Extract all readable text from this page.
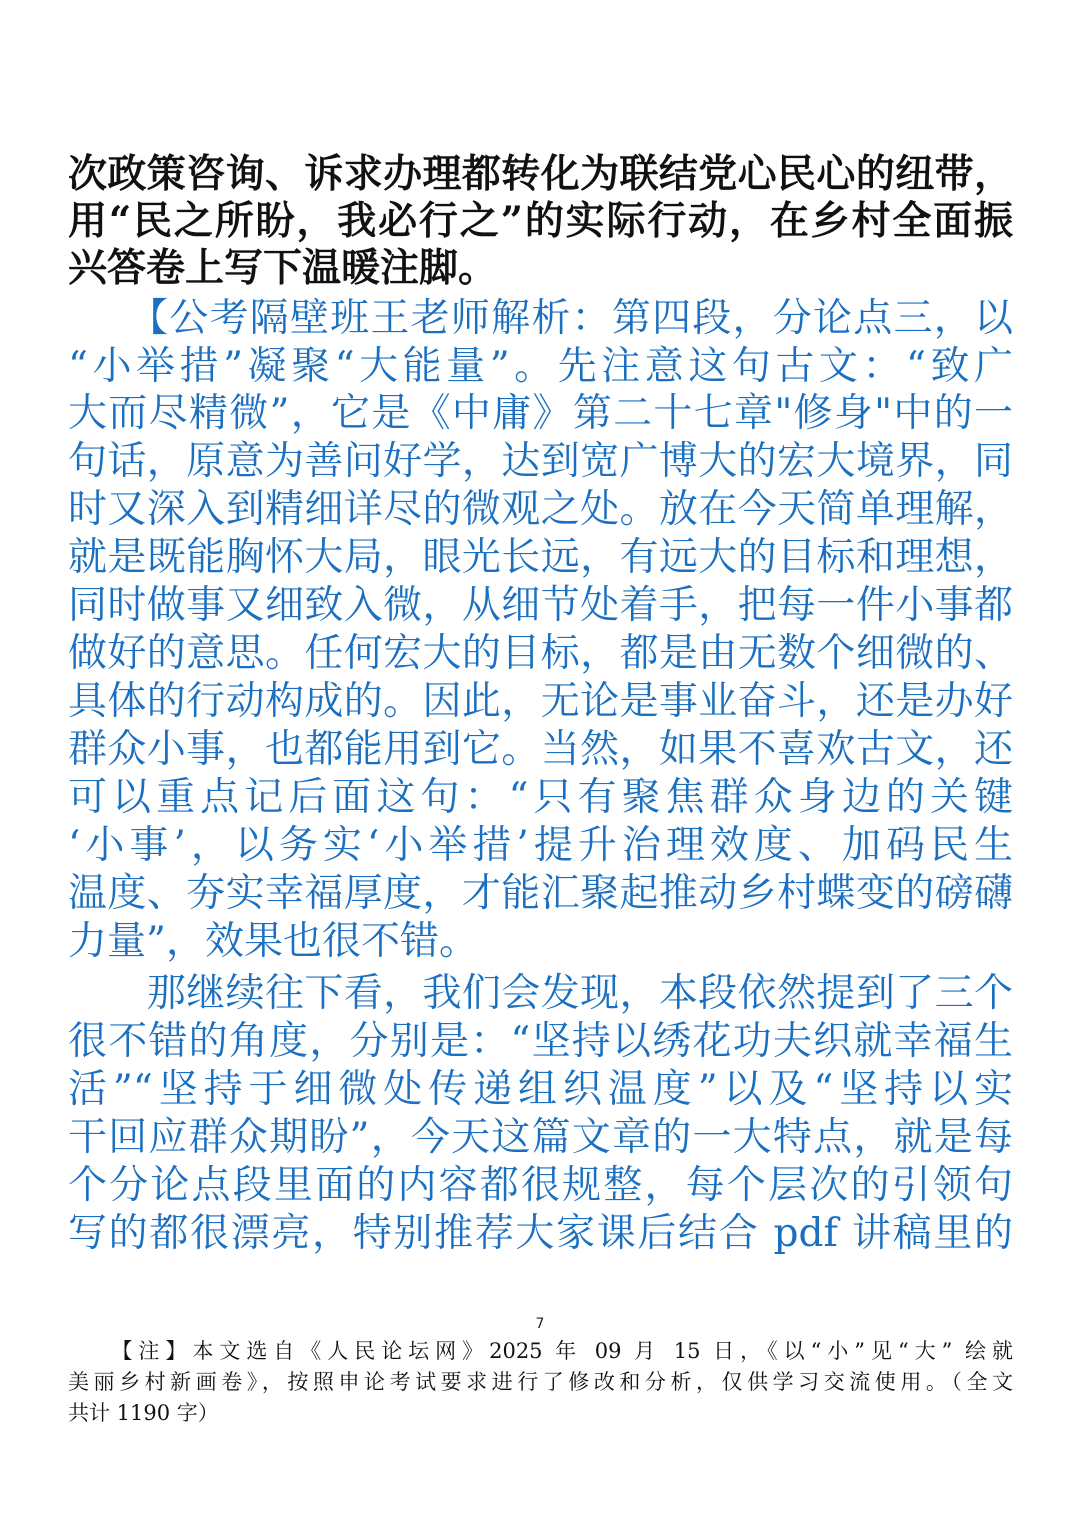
次政策咨询、诉求办理都转化为联结党心民心的纽带，
用“民之所盼，我必行之”的实际行动，在乡村全面振
兴答卷上写下温暖注脚。
　　【公考隔壁班王老师解析：第四段，分论点三，以
“小举措”凝聚“大能量”。先注意这句古文：“致广
大而尽精微”，它是《中庸》第二十七章"修身"中的一
句话，原意为善问好学，达到宽广博大的宏大境界，同
时又深入到精细详尽的微观之处。放在今天简单理解，
就是既能胸怀大局，眼光长远，有远大的目标和理想，
同时做事又细致入微，从细节处着手，把每一件小事都
做好的意思。任何宏大的目标，都是由无数个细微的、
具体的行动构成的。因此，无论是事业奋斗，还是办好
群众小事，也都能用到它。当然，如果不喜欢古文，还
可以重点记后面这句：“只有聚焦群众身边的关键
‘小事’，以务实‘小举措’提升治理效度、加码民生
温度、夯实幸福厚度，才能汇聚起推动乡村蝶变的磅礴
力量”，效果也很不错。
　　那继续往下看，我们会发现，本段依然提到了三个
很不错的角度，分别是：“坚持以绣花功夫织就幸福生
活”“坚持于细微处传递组织温度”以及“坚持以实
干回应群众期盼”，今天这篇文章的一大特点，就是每
个分论点段里面的内容都很规整，每个层次的引领句
写的都很漂亮，特别推荐大家课后结合 pdf 讲稿里的
7
　　【注】本文选自《人民论坛网》2025 年 09 月 15 日，《以“小”见“大” 绘就
美丽乡村新画卷》，按照申论考试要求进行了修改和分析，仅供学习交流使用。（全文
共计 1190 字）
